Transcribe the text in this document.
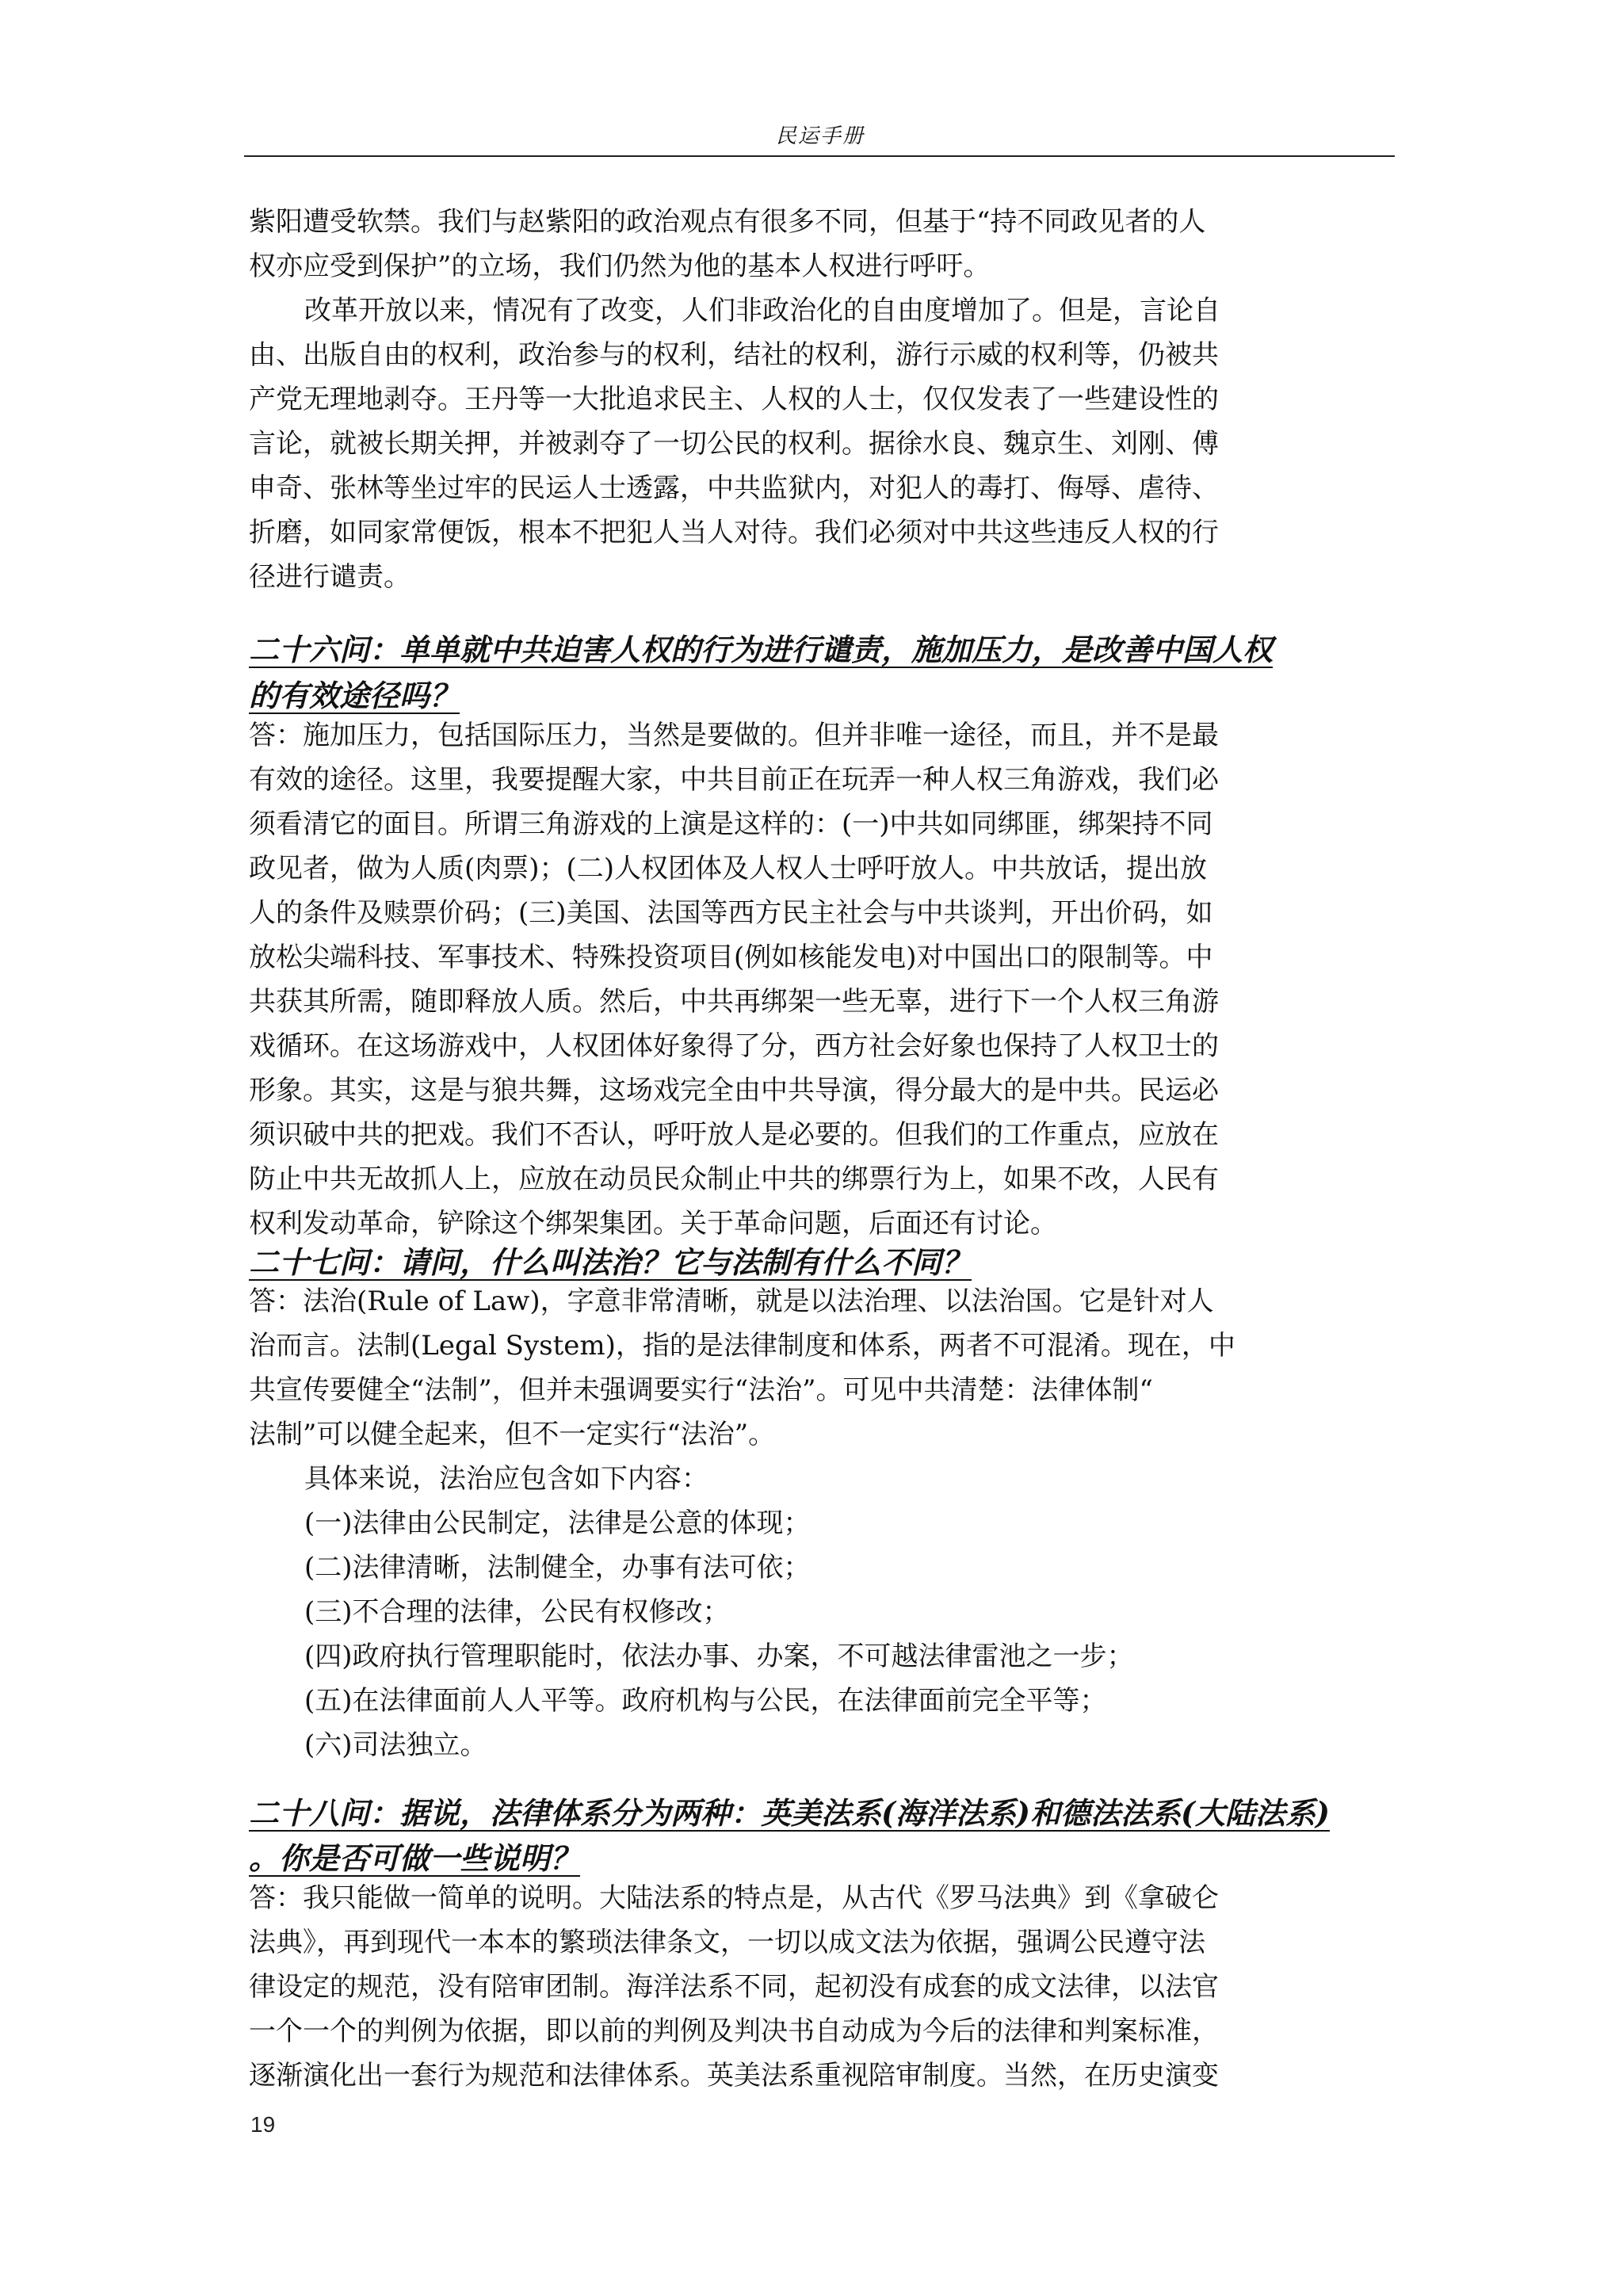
民运手册
紫阳遭受软禁。我们与赵紫阳的政治观点有很多不同，但基于“持不同政见者的人
权亦应受到保护”的立场，我们仍然为他的基本人权进行呼吁。
改革开放以来，情况有了改变，人们非政治化的自由度增加了。但是，言论自
由、出版自由的权利，政治参与的权利，结社的权利，游行示威的权利等，仍被共
产党无理地剥夺。王丹等一大批追求民主、人权的人士，仅仅发表了一些建设性的
言论，就被长期关押，并被剥夺了一切公民的权利。据徐水良、魏京生、刘刚、傅
申奇、张林等坐过牢的民运人士透露，中共监狱内，对犯人的毒打、侮辱、虐待、
折磨，如同家常便饭，根本不把犯人当人对待。我们必须对中共这些违反人权的行
径进行谴责。
二十六问：单单就中共迫害人权的行为进行谴责，施加压力，是改善中国人权
的有效途径吗？
答：施加压力，包括国际压力，当然是要做的。但并非唯一途径，而且，并不是最
有效的途径。这里，我要提醒大家，中共目前正在玩弄一种人权三角游戏，我们必
须看清它的面目。所谓三角游戏的上演是这样的：(一)中共如同绑匪，绑架持不同
政见者，做为人质(肉票)；(二)人权团体及人权人士呼吁放人。中共放话，提出放
人的条件及赎票价码；(三)美国、法国等西方民主社会与中共谈判，开出价码，如
放松尖端科技、军事技术、特殊投资项目(例如核能发电)对中国出口的限制等。中
共获其所需，随即释放人质。然后，中共再绑架一些无辜，进行下一个人权三角游
戏循环。在这场游戏中，人权团体好象得了分，西方社会好象也保持了人权卫士的
形象。其实，这是与狼共舞，这场戏完全由中共导演，得分最大的是中共。民运必
须识破中共的把戏。我们不否认，呼吁放人是必要的。但我们的工作重点，应放在
防止中共无故抓人上，应放在动员民众制止中共的绑票行为上，如果不改，人民有
权利发动革命，铲除这个绑架集团。关于革命问题，后面还有讨论。
二十七问：请问，什么叫法治？它与法制有什么不同？
答：法治(Rule of Law)，字意非常清晰，就是以法治理、以法治国。它是针对人
治而言。法制(Legal System)，指的是法律制度和体系，两者不可混淆。现在，中
共宣传要健全“法制”，但并未强调要实行“法治”。可见中共清楚：法律体制“
法制”可以健全起来，但不一定实行“法治”。
具体来说，法治应包含如下内容：
(一)法律由公民制定，法律是公意的体现；
(二)法律清晰，法制健全，办事有法可依；
(三)不合理的法律，公民有权修改；
(四)政府执行管理职能时，依法办事、办案，不可越法律雷池之一步；
(五)在法律面前人人平等。政府机构与公民，在法律面前完全平等；
(六)司法独立。
二十八问：据说，法律体系分为两种：英美法系(海洋法系)和德法法系(大陆法系)
。你是否可做一些说明？
答：我只能做一简单的说明。大陆法系的特点是，从古代《罗马法典》到《拿破仑
法典》，再到现代一本本的繁琐法律条文，一切以成文法为依据，强调公民遵守法
律设定的规范，没有陪审团制。海洋法系不同，起初没有成套的成文法律，以法官
一个一个的判例为依据，即以前的判例及判决书自动成为今后的法律和判案标准，
逐渐演化出一套行为规范和法律体系。英美法系重视陪审制度。当然，在历史演变
19
